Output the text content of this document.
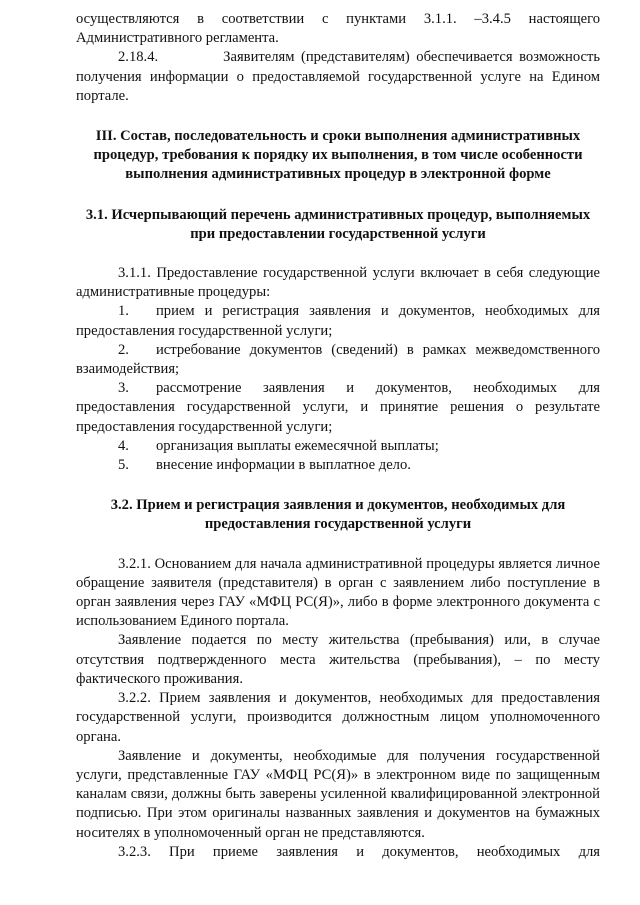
осуществляются в соответствии с пунктами 3.1.1. –3.4.5 настоящего Административного регламента.

2.18.4.	Заявителям (представителям) обеспечивается возможность получения информации о предоставляемой государственной услуге на Едином портале.

III. Состав, последовательность и сроки выполнения административных процедур, требования к порядку их выполнения, в том числе особенности выполнения административных процедур в электронной форме

3.1. Исчерпывающий перечень административных процедур, выполняемых при предоставлении государственной услуги

3.1.1. Предоставление государственной услуги включает в себя следующие административные процедуры:

1. прием и регистрация заявления и документов, необходимых для предоставления государственной услуги;

2. истребование документов (сведений) в рамках межведомственного взаимодействия;

3. рассмотрение заявления и документов, необходимых для предоставления государственной услуги, и принятие решения о результате предоставления государственной услуги;

4. организация выплаты ежемесячной выплаты;

5. внесение информации в выплатное дело.

3.2. Прием и регистрация заявления и документов, необходимых для предоставления государственной услуги

3.2.1. Основанием для начала административной процедуры является личное обращение заявителя (представителя) в орган с заявлением либо поступление в орган заявления через ГАУ «МФЦ РС(Я)», либо в форме электронного документа с использованием Единого портала.

Заявление подается по месту жительства (пребывания) или, в случае отсутствия подтвержденного места жительства (пребывания), – по месту фактического проживания.

3.2.2. Прием заявления и документов, необходимых для предоставления государственной услуги, производится должностным лицом уполномоченного органа.

Заявление и документы, необходимые для получения государственной услуги, представленные ГАУ «МФЦ РС(Я)» в электронном виде по защищенным каналам связи, должны быть заверены усиленной квалифицированной электронной подписью. При этом оригиналы названных заявления и документов на бумажных носителях в уполномоченный орган не представляются.

3.2.3. При приеме заявления и документов, необходимых для
